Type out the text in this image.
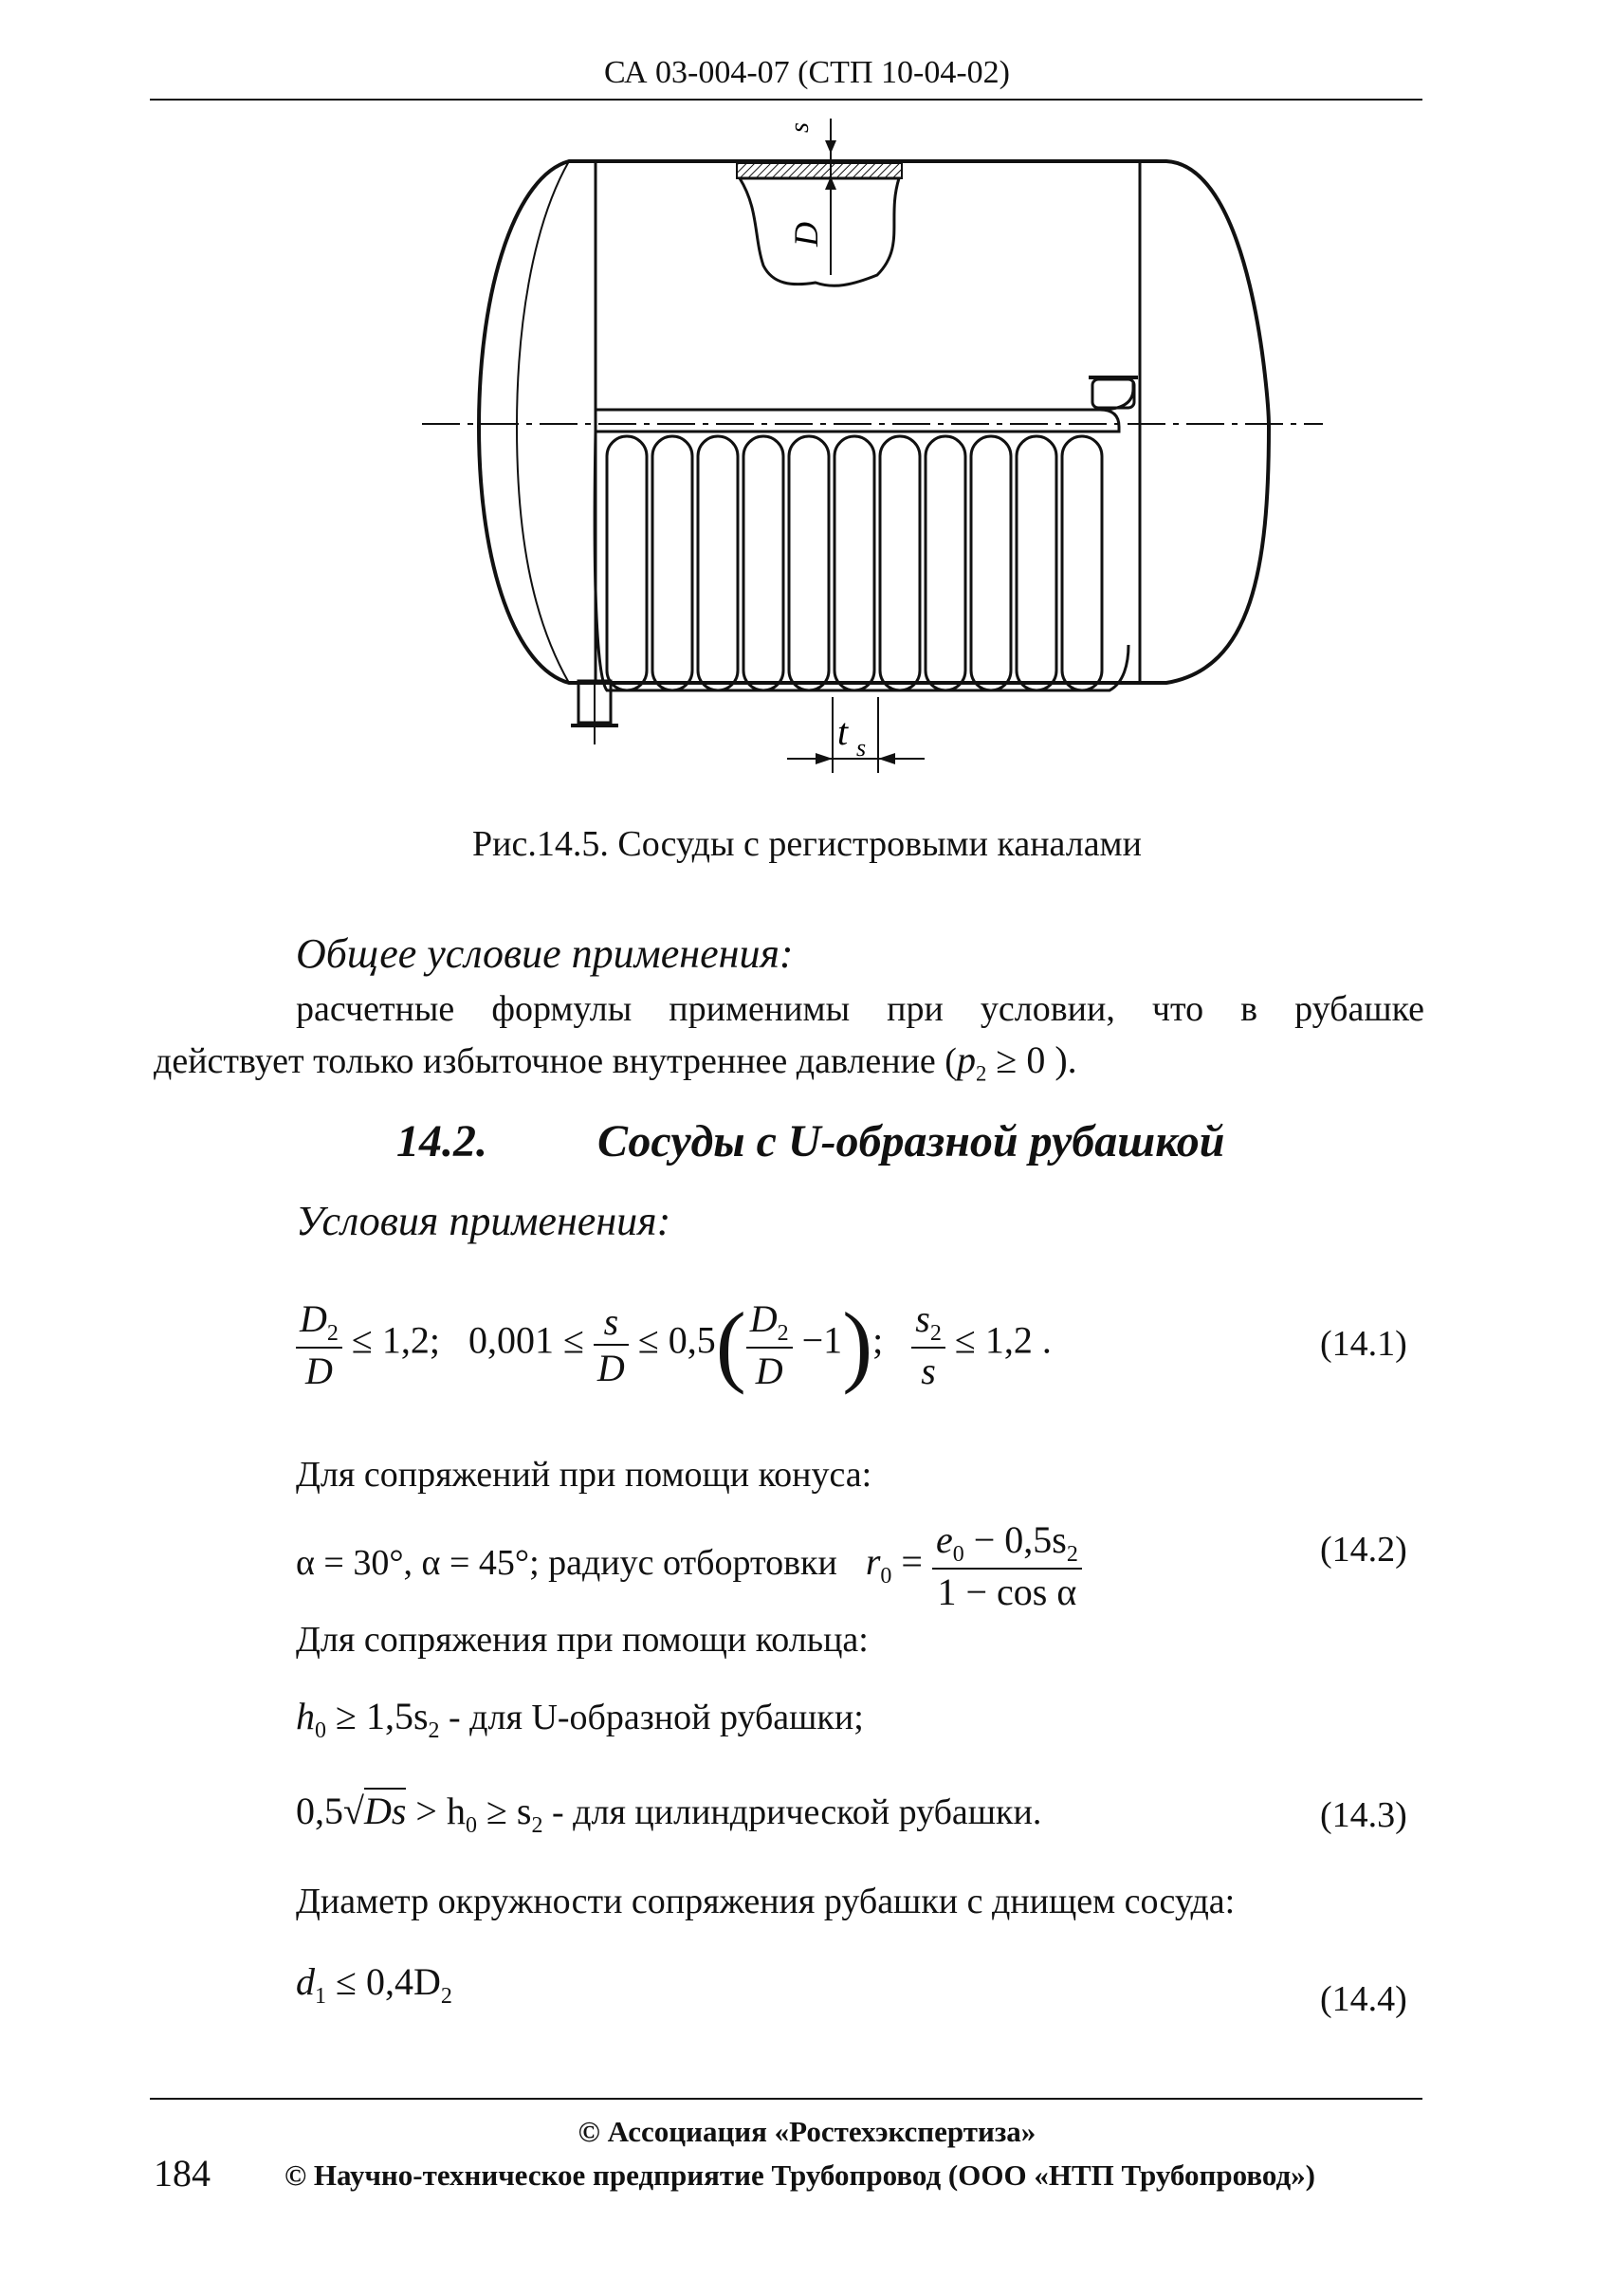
СА 03-004-07 (СТП 10-04-02)
s
D
t s
Рис.14.5. Сосуды с регистровыми каналами
Общее условие применения:
расчетные формулы применимы при условии, что в рубашке
действует только избыточное внутреннее давление ($p_2 \ge 0$ ).
14.2. Сосуды с U-образной рубашкой
Условия применения:
$\frac{D_2}{D} \le 1,2$; $0,001 \le \frac{s}{D} \le 0,5( \frac{D_2}{D} -1)$; $\frac{s_2}{s} \le 1,2$ .	(14.1)
Для сопряжений при помощи конуса:
α = 30°, α = 45°; радиус отбортовки $r_0 = \frac{e_0 - 0,5s_2}{\text{1 − cos α}}$	(14.2)
Для сопряжения при помощи кольца:
$h_0 \ge 1,5s_2$ - для U-образной рубашки;
$0,5√Ds > h_0 \ge s_2$ - для цилиндрической рубашки.	(14.3)
Диаметр окружности сопряжения рубашки с днищем сосуда:
$d_1 \le 0,4D_2$	(14.4)
© Ассоциация «Ростехэкспертиза»
184	© Научно-техническое предприятие Трубопровод (ООО «НТП Трубопровод»)
